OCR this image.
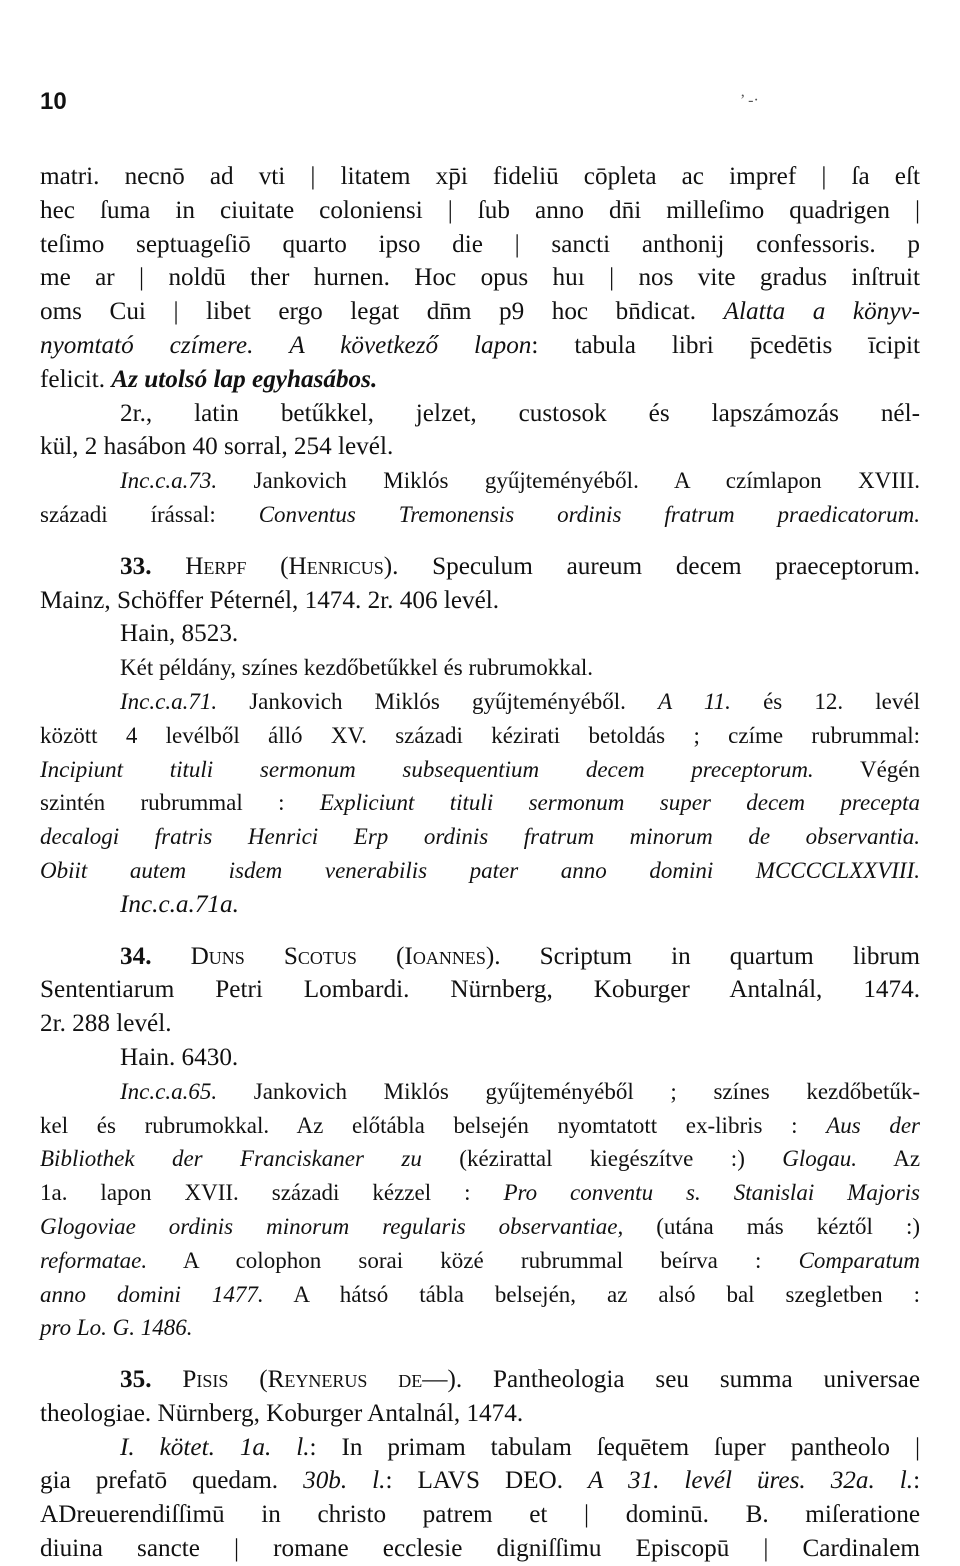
10	’ ‐·
matri. necnō ad vti | litatem xp̄i fideliū cōpleta ac impref | ſa eſt
hec ſuma in ciuitate coloniensi | ſub anno dn̄i milleſimo quadrigen |
teſimo septuageſiō quarto ipso die | sancti anthonij confessoris. p
me ar | noldū ther hurnen. Hoc opus huı | nos vite gradus inſtruit
oms Cui | libet ergo legat dn̄m p9 hoc bn̄dicat. Alatta a könyv-
nyomtató czímere. A következő lapon: tabula libri p̄cedētis īcipit
felicit. Az utolsó lap egyhasábos.
2r., latin betűkkel, jelzet, custosok és lapszámozás nél-
kül, 2 hasábon 40 sorral, 254 levél.
Inc.c.a.73. Jankovich Miklós gyűjteményéből. A czímlapon XVIII.
századi írással: Conventus Tremonensis ordinis fratrum praedicatorum.
33. Herpf (Henricus). Speculum aureum decem praeceptorum.
Mainz, Schöffer Péternél, 1474. 2r. 406 levél.
Hain, 8523.
Két példány, színes kezdőbetűkkel és rubrumokkal.
Inc.c.a.71. Jankovich Miklós gyűjteményéből. A 11. és 12. levél
között 4 levélből álló XV. századi kézirati betoldás ; czíme rubrummal:
Incipiunt tituli sermonum subsequentium decem preceptorum. Végén
szintén rubrummal : Expliciunt tituli sermonum super decem precepta
decalogi fratris Henrici Erp ordinis fratrum minorum de observantia.
Obiit autem isdem venerabilis pater anno domini MCCCCLXXVIII.
Inc.c.a.71a.
34. Duns Scotus (Ioannes). Scriptum in quartum librum
Sententiarum Petri Lombardi. Nürnberg, Koburger Antalnál, 1474.
2r. 288 levél.
Hain. 6430.
Inc.c.a.65. Jankovich Miklós gyűjteményéből ; színes kezdőbetűk-
kel és rubrumokkal. Az előtábla belsején nyomtatott ex-libris : Aus der
Bibliothek der Franciskaner zu (kézirattal kiegészítve :) Glogau. Az
1a. lapon XVII. századi kézzel : Pro conventu s. Stanislai Majoris
Glogoviae ordinis minorum regularis observantiae, (utána más kéztől :)
reformatae. A colophon sorai közé rubrummal beírva : Comparatum
anno domini 1477. A hátsó tábla belsején, az alsó bal szegletben :
pro Lo. G. 1486.
35. Pisis (Reynerus de—). Pantheologia seu summa universae
theologiae. Nürnberg, Koburger Antalnál, 1474.
I. kötet. 1a. l.: In primam tabulam ſequētem ſuper pantheolo |
gia prefatō quedam. 30b. l.: LAVS DEO. A 31. levél üres. 32a. l.:
ADreuerendiſſimū in christo patrem et | dominū. B. miſeratione
diuina sancte | romane ecclesie digniſſimu Episcopū | Cardinalem
